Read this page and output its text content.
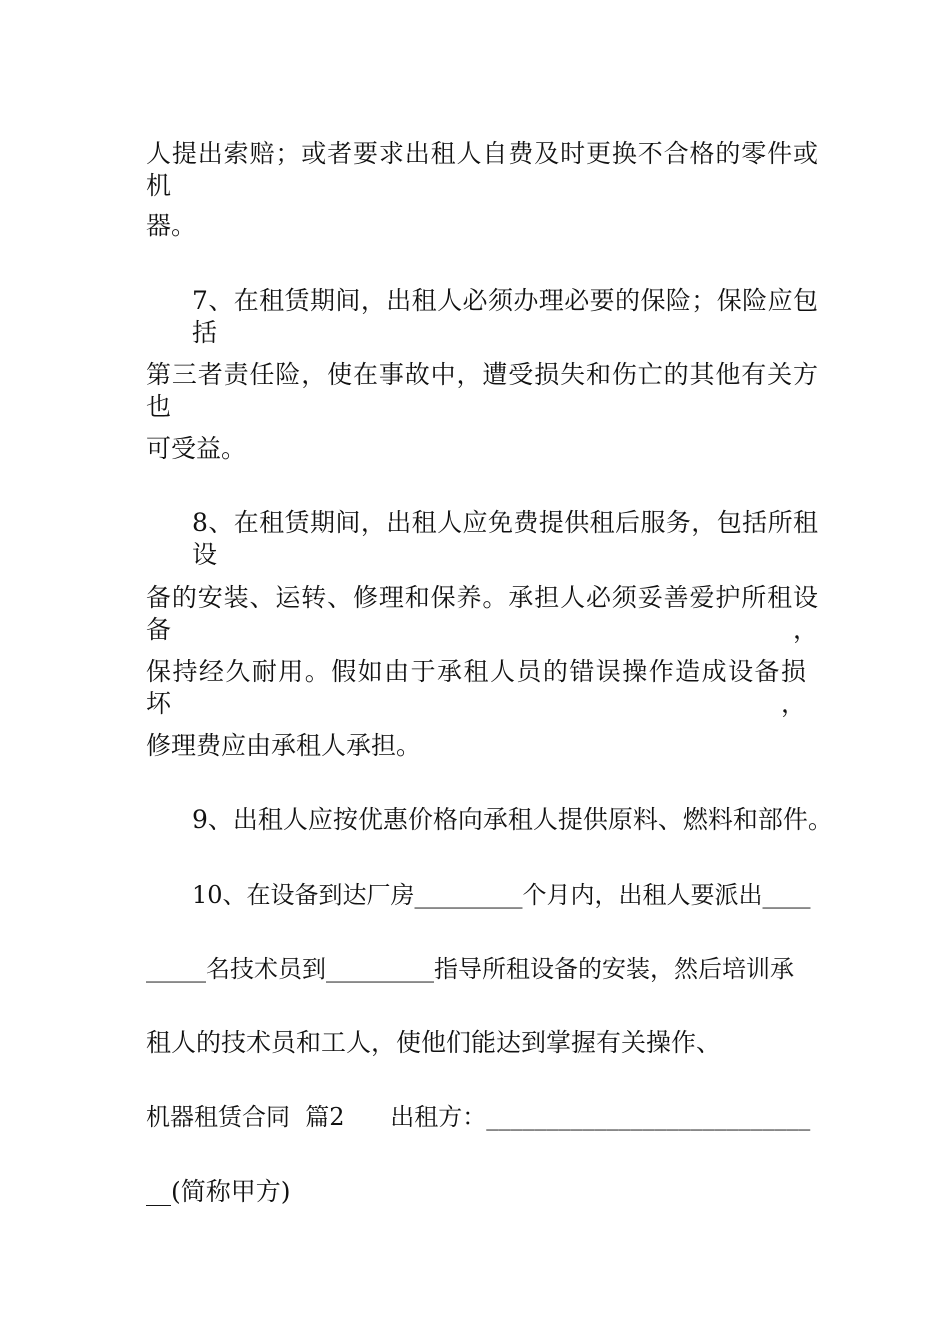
人提出索赔；或者要求出租人自费及时更换不合格的零件或机
器。
7、在租赁期间，出租人必须办理必要的保险；保险应包括
第三者责任险，使在事故中，遭受损失和伤亡的其他有关方也
可受益。
8、在租赁期间，出租人应免费提供租后服务，包括所租设
备的安装、运转、修理和保养。承担人必须妥善爱护所租设备，
保持经久耐用。假如由于承租人员的错误操作造成设备损坏，
修理费应由承租人承担。
9、出租人应按优惠价格向承租人提供原料、燃料和部件。
10、在设备到达厂房_________个月内，出租人要派出____
_____名技术员到_________指导所租设备的安装，然后培训承
租人的技术员和工人，使他们能达到掌握有关操作、
机器租赁合同  篇2      出租方：___________________________
__(简称甲方)
